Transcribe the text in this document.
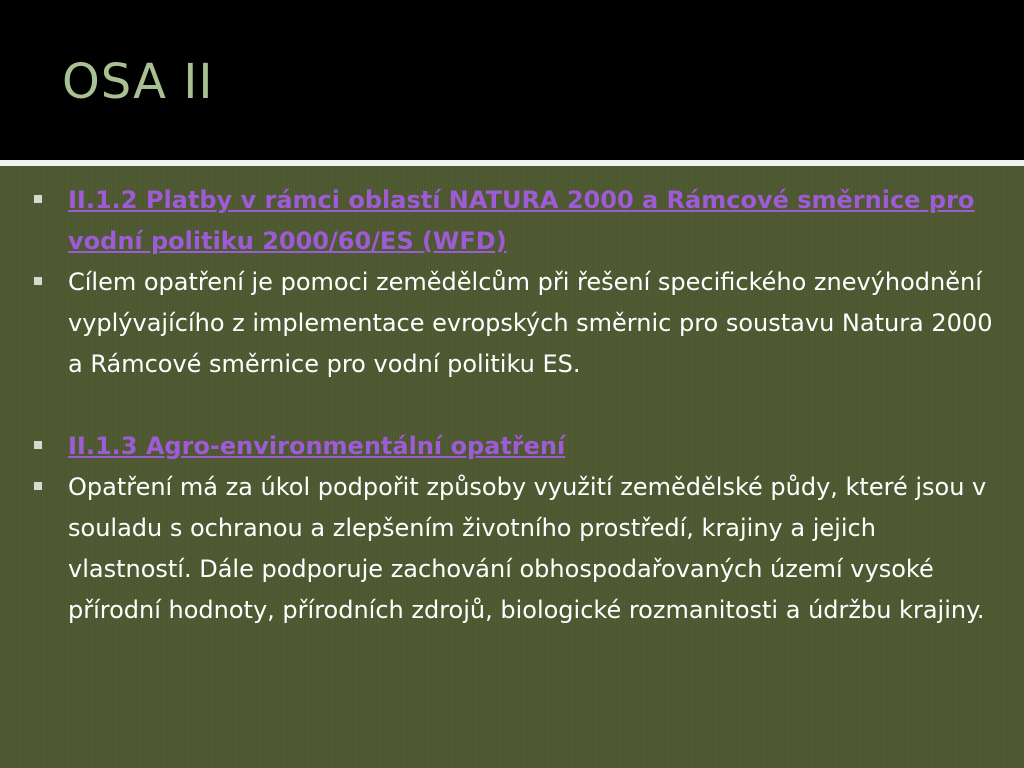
OSA II
II.1.2 Platby v rámci oblastí NATURA 2000 a Rámcové směrnice pro vodní politiku 2000/60/ES (WFD)
Cílem opatření je pomoci zemědělcům při řešení specifického znevýhodnění vyplývajícího z implementace evropských směrnic pro soustavu Natura 2000 a Rámcové směrnice pro vodní politiku ES.
II.1.3 Agro-environmentální opatření
Opatření má za úkol podpořit způsoby využití zemědělské půdy, které jsou v souladu s ochranou a zlepšením životního prostředí, krajiny a jejich vlastností. Dále podporuje zachování obhospodařovaných území vysoké přírodní hodnoty, přírodních zdrojů, biologické rozmanitosti a údržbu krajiny.
